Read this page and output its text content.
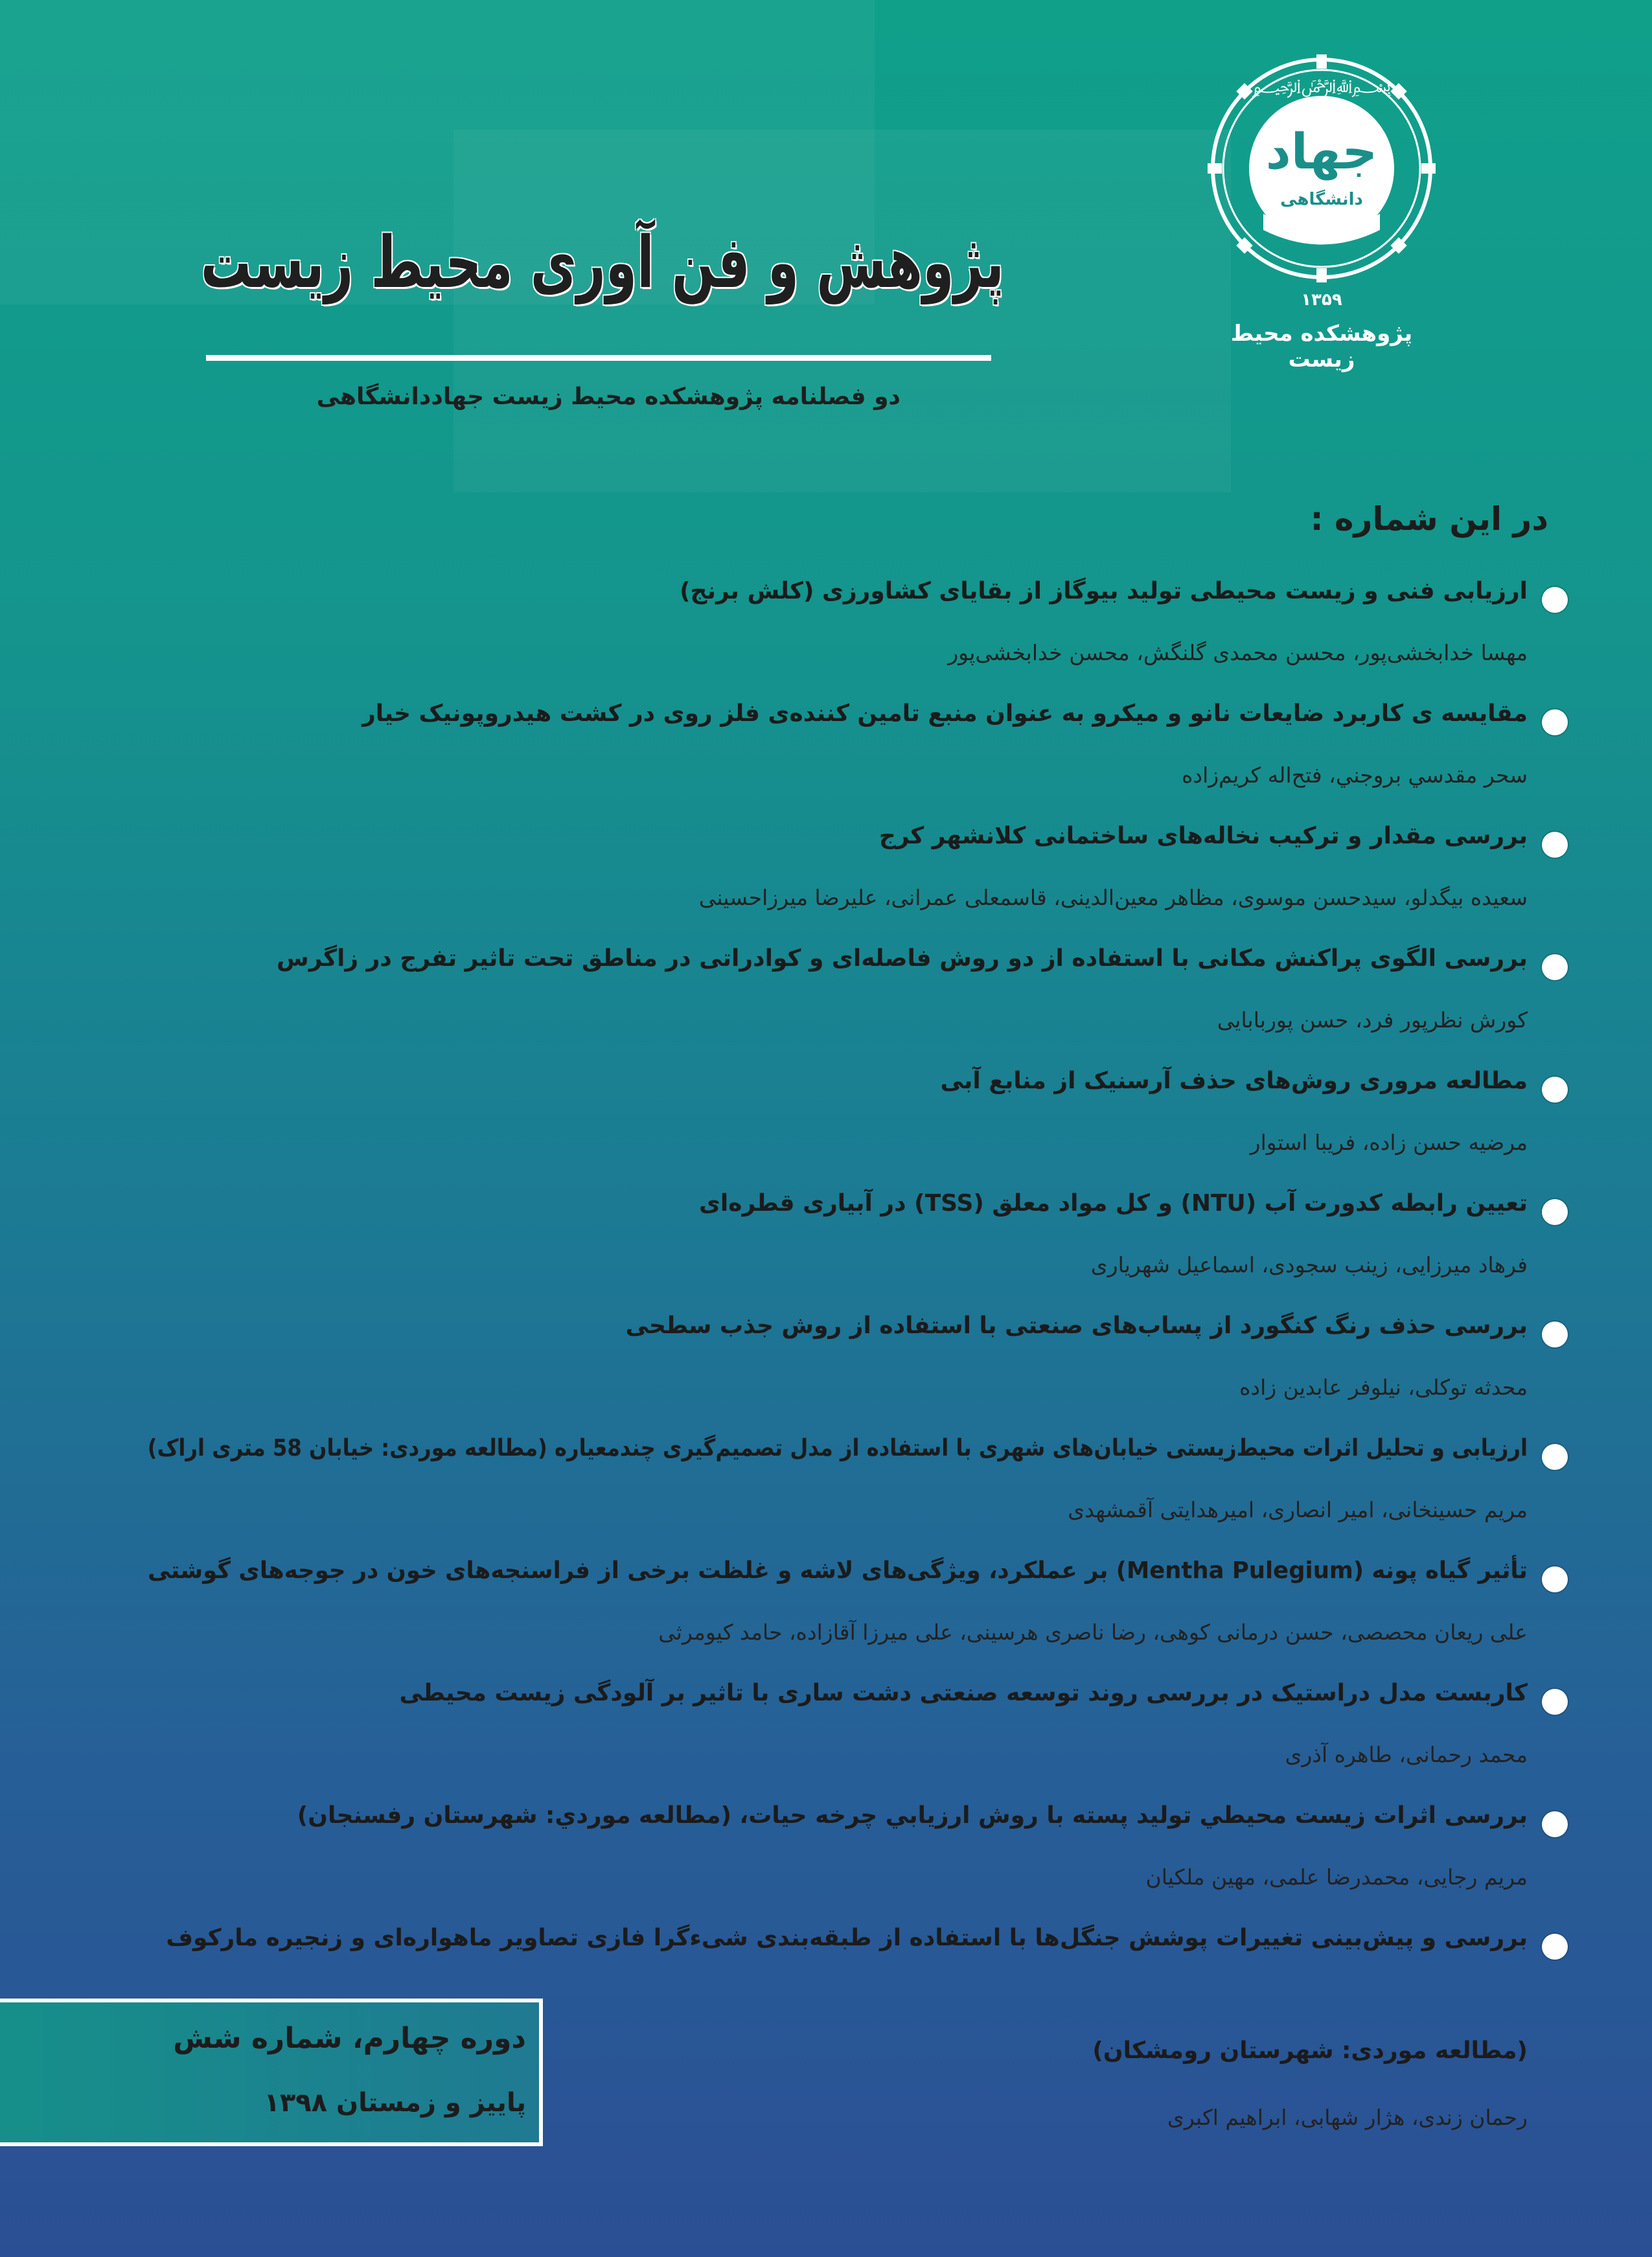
جهاد
دانشگاهی
﷽
۱۳۵۹
پژوهشکده محیط زیست
پژوهش و فن آوری محیط زیست
دو فصلنامه پژوهشکده محیط زیست جهاددانشگاهی
در این شماره :
ارزیابی فنی و زیست محیطی تولید بیوگاز از بقایای کشاورزی (کلش برنج)
مهسا خدابخشی‌پور، محسن محمدی گلنگش، محسن خدابخشی‌پور
مقایسه ی کاربرد ضایعات نانو و میکرو به عنوان منبع تامین کننده‌ی فلز روی در کشت هیدروپونیک خیار
سحر مقدسي بروجني، فتح‌اله کریم‌زاده
بررسی مقدار و ترکیب نخاله‌های ساختمانی کلانشهر کرج
سعیده بیگدلو، سیدحسن موسوی، مظاهر معین‌الدینی، قاسمعلی عمرانی، علیرضا میرزاحسینی
بررسی الگوی پراکنش مکانی با استفاده از دو روش فاصله‌ای و کوادراتی در مناطق تحت تاثیر تفرج در زاگرس
کورش نظرپور فرد، حسن پوربابایی
مطالعه مروری روش‌های حذف آرسنیک از منابع آبی
مرضیه حسن زاده، فریبا استوار
تعیین رابطه کدورت آب (NTU) و کل مواد معلق (TSS) در آبیاری قطره‌ای
فرهاد میرزایی، زینب سجودی، اسماعیل شهریاری
بررسی حذف رنگ کنگورد از پساب‌های صنعتی با استفاده از روش جذب سطحی
محدثه توکلی، نیلوفر عابدین زاده
ارزیابی و تحلیل اثرات محیط‌زیستی خیابان‌های شهری با استفاده از مدل تصمیم‌گیری چندمعیاره (مطالعه موردی: خیابان 58 متری اراک)
مریم حسینخانی، امیر انصاری، امیرهدایتی آقمشهدی
تأثیر گیاه پونه (Mentha Pulegium) بر عملکرد، ویژگی‌های لاشه و غلظت برخی از فراسنجه‌های خون در جوجه‌های گوشتی
علی ریعان محصصی، حسن درمانی کوهی، رضا ناصری هرسینی، علی میرزا آقازاده، حامد کیومرثی
کاربست مدل دراستیک در بررسی روند توسعه صنعتی دشت ساری با تاثیر بر آلودگی زیست محیطی
محمد رحمانی، طاهره آذری
بررسی اثرات زیست محیطي توليد پسته با روش ارزيابي چرخه حيات، (مطالعه موردي: شهرستان رفسنجان)
مریم رجایی، محمدرضا علمی، مهین ملکیان
بررسی و پیش‌بینی تغییرات پوشش جنگل‌ها با استفاده از طبقه‌بندی شیءگرا فازی تصاویر ماهواره‌ای و زنجیره مارکوف
(مطالعه موردی: شهرستان رومشکان)
رحمان زندی، هژار شهابی، ابراهیم اکبری
دوره چهارم، شماره شش
پاییز و زمستان ۱۳۹۸
